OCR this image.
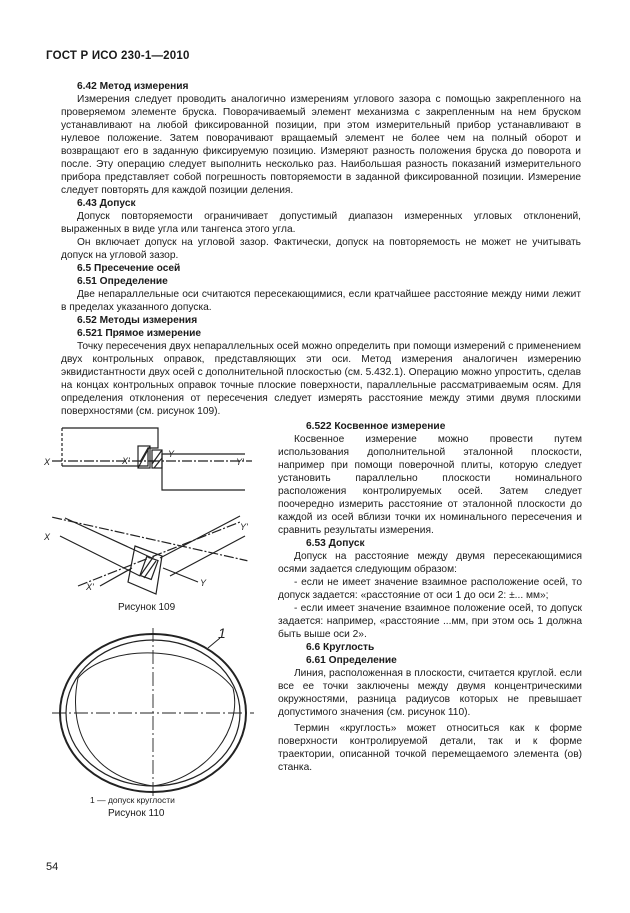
ГОСТ Р ИСО 230-1—2010
6.42 Метод измерения
Измерения следует проводить аналогично измерениям углового зазора с помощью закрепленного на проверяемом элементе бруска. Поворачиваемый элемент механизма с закрепленным на нем бруском устанавливают на любой фиксированной позиции, при этом измерительный прибор устанавливают в нулевое положение. Затем поворачивают вращаемый элемент не более чем на полный оборот и возвращают его в заданную фиксируемую позицию. Измеряют разность положения бруска до поворота и после. Эту операцию следует выполнить несколько раз. Наибольшая разность показаний измерительного прибора представляет собой погрешность повторяемости в заданной фиксированной позиции. Измерение следует повторять для каждой позиции деления.
6.43 Допуск
Допуск повторяемости ограничивает допустимый диапазон измеренных угловых отклонений, выраженных в виде угла или тангенса этого угла.
Он включает допуск на угловой зазор. Фактически, допуск на повторяемость не может не учитывать допуск на угловой зазор.
6.5 Пресечение осей
6.51 Определение
Две непараллельные оси считаются пересекающимися, если кратчайшее расстояние между ними лежит в пределах указанного допуска.
6.52 Методы измерения
6.521 Прямое измерение
Точку пересечения двух непараллельных осей можно определить при помощи измерений с применением двух контрольных оправок, представляющих эти оси. Метод измерения аналогичен измерению эквидистантности двух осей с дополнительной плоскостью (см. 5.432.1). Операцию можно упростить, сделав на концах контрольных оправок точные плоские поверхности, параллельные рассматриваемым осям. Для определения отклонения от пересечения следует измерять расстояние между этими двумя плоскими поверхностями (см. рисунок 109).
6.522 Косвенное измерение
Косвенное измерение можно провести путем использования дополнительной эталонной плоскости, например при помощи поверочной плиты, которую следует установить параллельно плоскости номинального расположения контролируемых осей. Затем следует поочередно измерить расстояние от эталонной плоскости до каждой из осей вблизи точки их номинального пересечения и сравнить результаты измерения.
6.53 Допуск
Допуск на расстояние между двумя пересекающимися осями задается следующим образом:
- если не имеет значение взаимное расположение осей, то допуск задается: «расстояние от оси 1 до оси 2: ±... мм»;
- если имеет значение взаимное положение осей, то допуск задается: например, «расстояние ...мм, при этом ось 1 должна быть выше оси 2».
6.6 Круглость
6.61 Определение
Линия, расположенная в плоскости, считается круглой. если все ее точки заключены между двумя концентрическими окружностями, разница радиусов которых не превышает допустимого значения (см. рисунок 110).
Термин «круглость» может относиться как к форме поверхности контролируемой детали, так и к форме траектории, описанной точкой перемещаемого элемента (ов) станка.
X	X'
Y
Y'
X
X'	Y
Y'
Рисунок 109
1
1 — допуск круглости
Рисунок 110
54
